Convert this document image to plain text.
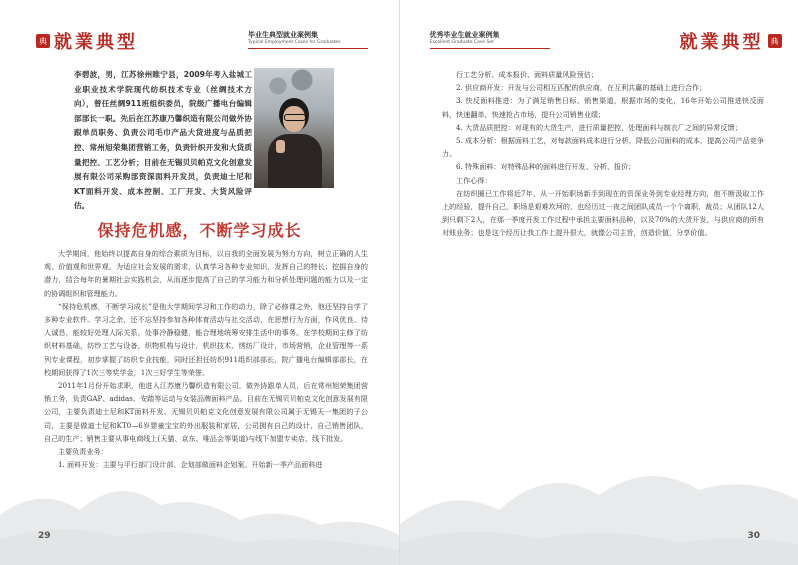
典 就業典型	毕业生典型就业案例集
Typical Employment Cases for Graduates
李碧波，男，江苏徐州睢宁县，2009年考入盐城工业职业技术学院现代纺织技术专业（丝绸技术方向），曾任丝绸911班组织委员，院级广播电台编辑部部长一职。先后在江苏康乃馨织造有限公司做外协跟单员职务、负责公司毛巾产品大货进度与品质把控、常州旭荣集团营销工务，负责针织开发和大货质量把控、工艺分析；目前在无锡贝贝帕克文化创意发展有限公司采购部资深面料开发员，负责迪士尼和KT面料开发、成本控制、工厂开发、大货风险评估。
保持危机感，不断学习成长

大学期间，他始终以提高自身的综合素质为目标，以自我的全面发展为努力方向，树立正确的人生观、价值观和世界观。为适应社会发展的需求，认真学习各种专业知识，发挥自己的特长；挖掘自身的潜力，结合每年的暑期社会实践机会，从而逐步提高了自己的学习能力和分析处理问题的能力以及一定的协调组织和管理能力。

“保持危机感，不断学习成长”是他大学期间学习和工作的动力，除了必修课之外，他还坚持自学了多种专业软件。学习之余，还不忘坚持参加各种体育活动与社交活动，在思想行为方面，作风优良、待人诚恳，能较好处理人际关系，处事冷静稳健，能合理地统筹安排生活中的事务。在学校期间主修了纺织材料基础，纺纱工艺与设备，织物机构与设计，机织技术、绣纺厂设计，市场营销，企业管理等一系列专业课程，初步掌握了纺织专业技能，同时还担任纺织911组织部部长，院广播电台编辑部部长，在校期间获得了1次三等奖学金，1次三好学生等荣誉。

2011年1月份开始求职，他进入江苏康乃馨织造有限公司，做外协跟单人员，后在常州旭荣集团营销工务，负责GAP、adidas、安踏等运动与女装品牌面料产品。目前在无锡贝贝帕克文化创意发展有限公司，主要负责迪士尼和KT面料开发。无锡贝贝帕克文化创意发展有限公司属于无锡天一集团的子公司，主要是做迪士尼和KT0—6岁婴童宝宝的外出服装和家居，公司拥有自己的设计、自己销售团队，自己的生产；销售主要从事电商线上(天猫、京东、唯品会等渠道)与线下加盟专卖店、线下批发。

主要负责业务：

1. 面料开发：主要与平行部门设计部、企划部做面料企划案。开始新一季产品面料进

29
优秀毕业生就业案例集
Excellent Graduate Case Set	就業典型 典
30

行工艺分析、成本报价、面料质量风险预估；

2. 供应商开发：开发与公司相互匹配的供应商，在互利共赢的基础上进行合作；

3. 快反面料推进：为了满足销售日标、销售渠道，根据市场的变化，16年开始公司推进快反面料，快速翻单，快速抢占市场，提升公司销售业绩；

4. 大货品质把控：对现有的大货生产，进行质量把控，处理面料与制衣厂之间的异常反馈；

5. 成本分析：根据面料工艺，对每款面料成本进行分析，降低公司面料的成本，提高公司产品竞争力。

6. 特殊面料：对特殊品种的面料进行开发、分析、报价；

工作心得：

在纺织圈已工作将近7年，从一开始职场新手到现在的资深业务到专业经理方向，他不断汲取工作上的经验，提升自己，职场是艰难坎坷的，也经历过一夜之间团队成员一个个离职，裁员；从团队12人到只剩下2人，在那一季度开发工作过程中承担主要面料品种，以及70%的大货开发，与供应商的所有对账业务；也是这个经历让我工作上提升很大，就像公司主旨，创造价值，分享价值。
